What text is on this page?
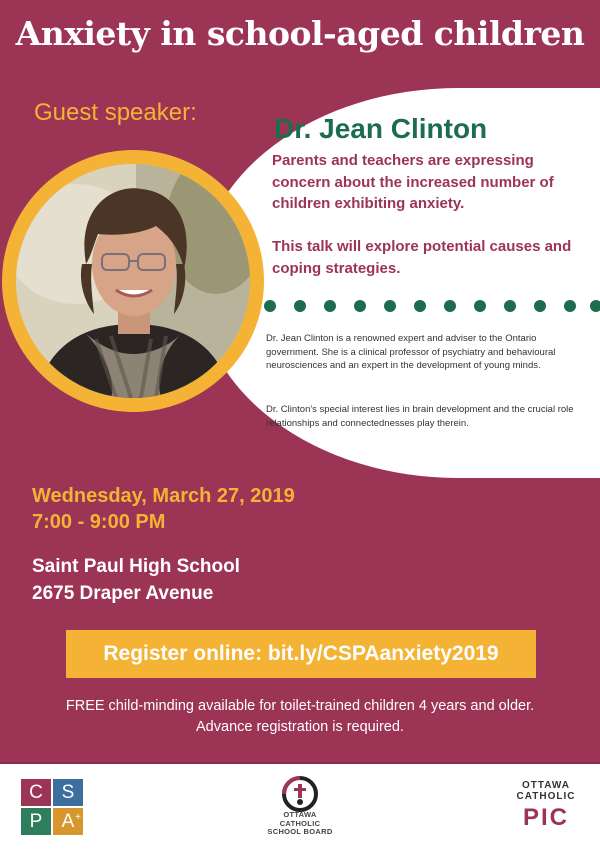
Anxiety in school-aged children
Guest speaker:
Dr. Jean Clinton
Parents and teachers are expressing concern about the increased number of children exhibiting anxiety.
This talk will explore potential causes and coping strategies.
Dr. Jean Clinton is a renowned expert and adviser to the Ontario government. She is a clinical professor of psychiatry and behavioural neurosciences and an expert in the development of young minds.
Dr. Clinton's special interest lies in brain development and the crucial role relationships and connectednesses play therein.
Wednesday, March 27, 2019
7:00 - 9:00 PM
Saint Paul High School
2675 Draper Avenue
Register online: bit.ly/CSPAanxiety2019
FREE child-minding available for toilet-trained children 4 years and older.
Advance registration is required.
C S
P	A +	OTTAWA
CATHOLIC
SCHOOL BOARD
OTTAWA
CATHOLIC
PIC
